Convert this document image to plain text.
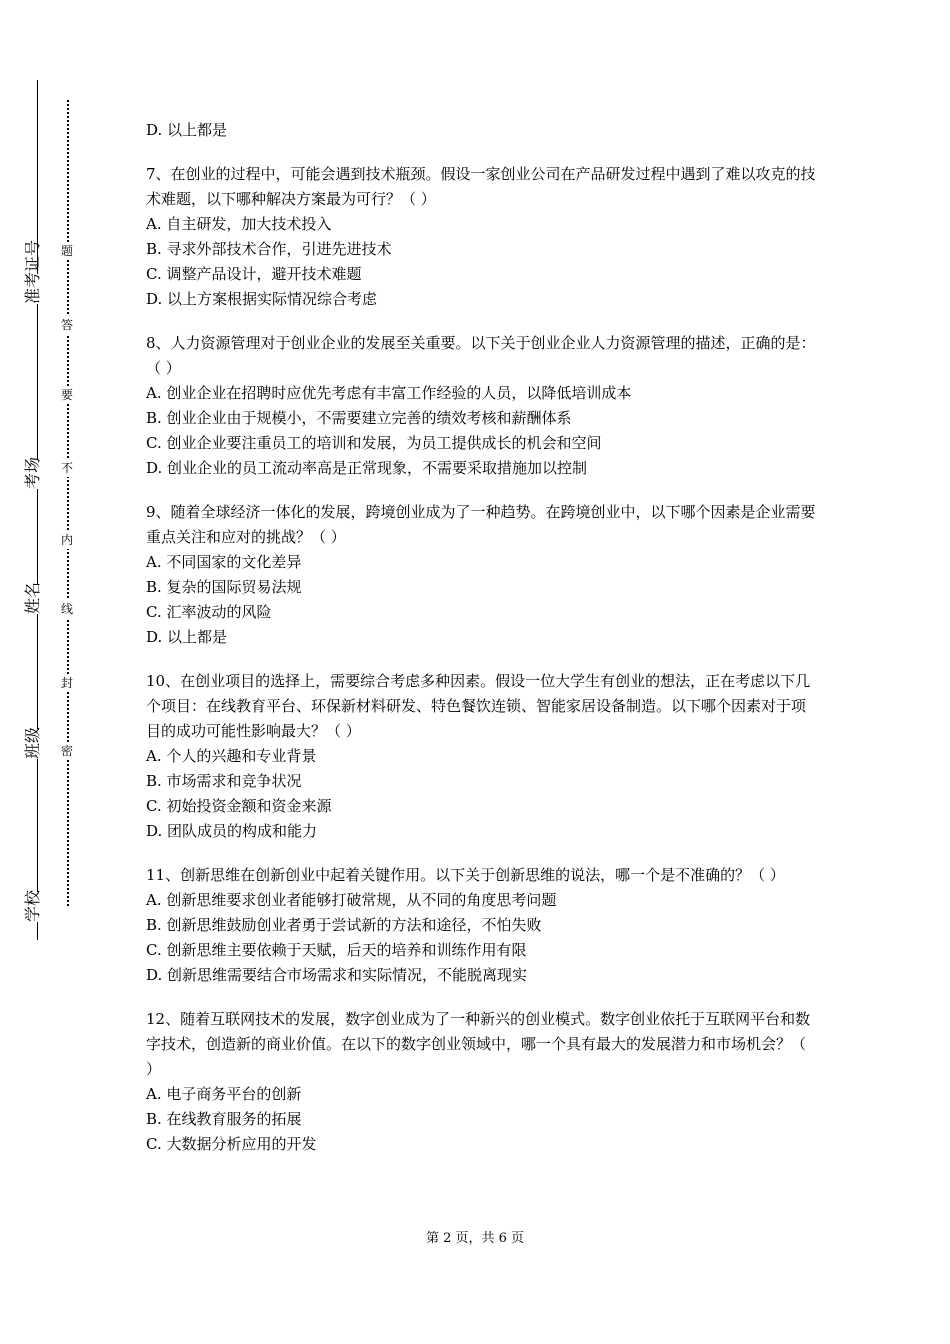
准考证号
考场
姓名
班级
学校
题
答
要
不
内
线
封
密
D. 以上都是
7、在创业的过程中，可能会遇到技术瓶颈。假设一家创业公司在产品研发过程中遇到了难以攻克的技术难题，以下哪种解决方案最为可行？（ ）
A. 自主研发，加大技术投入
B. 寻求外部技术合作，引进先进技术
C. 调整产品设计，避开技术难题
D. 以上方案根据实际情况综合考虑
8、人力资源管理对于创业企业的发展至关重要。以下关于创业企业人力资源管理的描述，正确的是：（ ）
A. 创业企业在招聘时应优先考虑有丰富工作经验的人员，以降低培训成本
B. 创业企业由于规模小，不需要建立完善的绩效考核和薪酬体系
C. 创业企业要注重员工的培训和发展，为员工提供成长的机会和空间
D. 创业企业的员工流动率高是正常现象，不需要采取措施加以控制
9、随着全球经济一体化的发展，跨境创业成为了一种趋势。在跨境创业中，以下哪个因素是企业需要重点关注和应对的挑战？（ ）
A. 不同国家的文化差异
B. 复杂的国际贸易法规
C. 汇率波动的风险
D. 以上都是
10、在创业项目的选择上，需要综合考虑多种因素。假设一位大学生有创业的想法，正在考虑以下几个项目：在线教育平台、环保新材料研发、特色餐饮连锁、智能家居设备制造。以下哪个因素对于项目的成功可能性影响最大？（ ）
A. 个人的兴趣和专业背景
B. 市场需求和竞争状况
C. 初始投资金额和资金来源
D. 团队成员的构成和能力
11、创新思维在创新创业中起着关键作用。以下关于创新思维的说法，哪一个是不准确的？（ ）
A. 创新思维要求创业者能够打破常规，从不同的角度思考问题
B. 创新思维鼓励创业者勇于尝试新的方法和途径，不怕失败
C. 创新思维主要依赖于天赋，后天的培养和训练作用有限
D. 创新思维需要结合市场需求和实际情况，不能脱离现实
12、随着互联网技术的发展，数字创业成为了一种新兴的创业模式。数字创业依托于互联网平台和数字技术，创造新的商业价值。在以下的数字创业领域中，哪一个具有最大的发展潜力和市场机会？（ ）
A. 电子商务平台的创新
B. 在线教育服务的拓展
C. 大数据分析应用的开发
第 2 页，共 6 页
